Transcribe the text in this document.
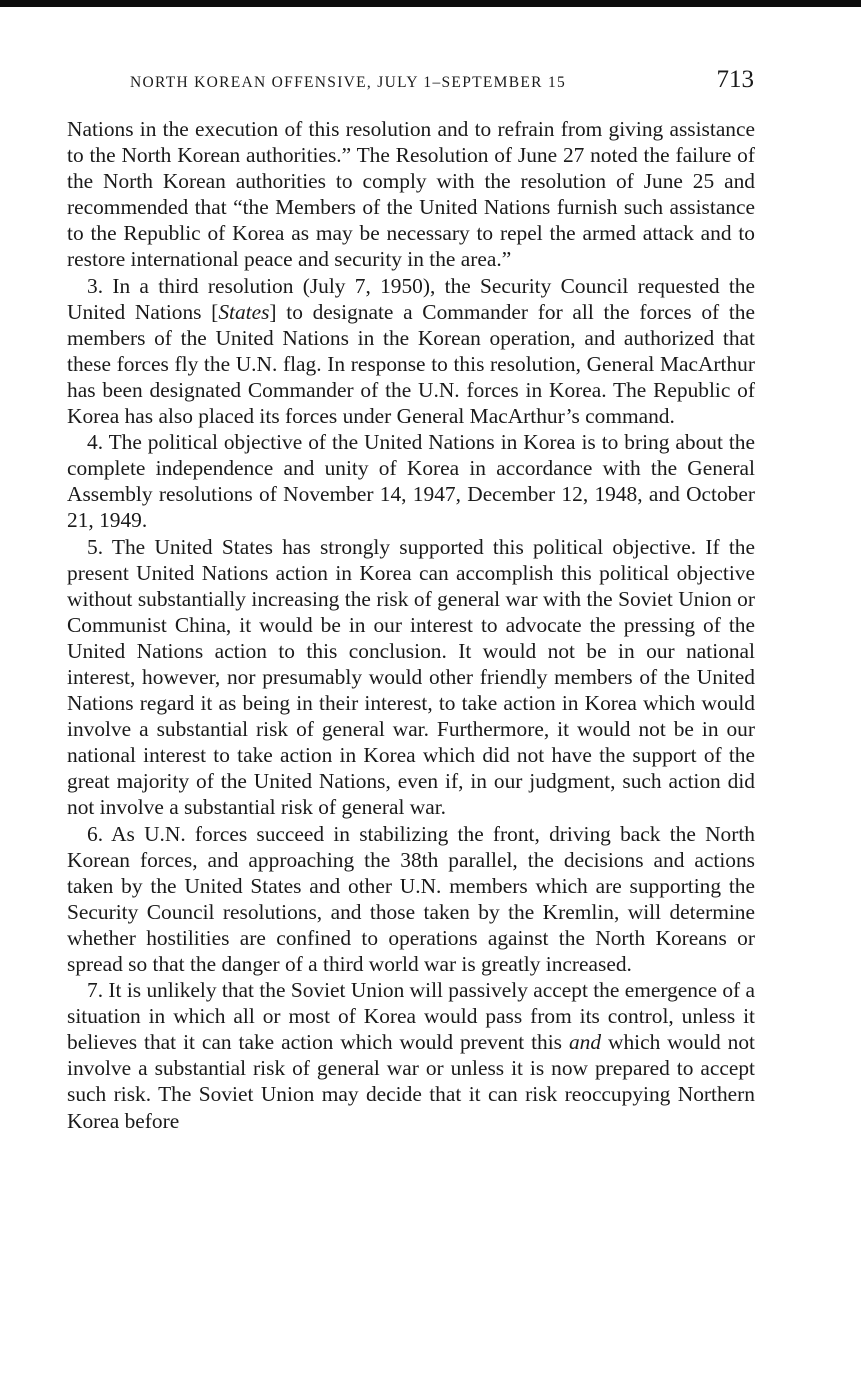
NORTH KOREAN OFFENSIVE, JULY 1–SEPTEMBER 15	713

Nations in the execution of this resolution and to refrain from giving assistance to the North Korean authorities.” The Resolution of June 27 noted the failure of the North Korean authorities to comply with the resolution of June 25 and recommended that “the Members of the United Nations furnish such assistance to the Republic of Korea as may be necessary to repel the armed attack and to restore international peace and security in the area.”

3. In a third resolution (July 7, 1950), the Security Council requested the United Nations [States] to designate a Commander for all the forces of the members of the United Nations in the Korean operation, and authorized that these forces fly the U.N. flag. In response to this resolution, General MacArthur has been designated Commander of the U.N. forces in Korea. The Republic of Korea has also placed its forces under General MacArthur’s command.

4. The political objective of the United Nations in Korea is to bring about the complete independence and unity of Korea in accordance with the General Assembly resolutions of November 14, 1947, December 12, 1948, and October 21, 1949.

5. The United States has strongly supported this political objective. If the present United Nations action in Korea can accomplish this political objective without substantially increasing the risk of general war with the Soviet Union or Communist China, it would be in our interest to advocate the pressing of the United Nations action to this conclusion. It would not be in our national interest, however, nor presumably would other friendly members of the United Nations regard it as being in their interest, to take action in Korea which would involve a substantial risk of general war. Furthermore, it would not be in our national interest to take action in Korea which did not have the support of the great majority of the United Nations, even if, in our judgment, such action did not involve a substantial risk of general war.

6. As U.N. forces succeed in stabilizing the front, driving back the North Korean forces, and approaching the 38th parallel, the decisions and actions taken by the United States and other U.N. members which are supporting the Security Council resolutions, and those taken by the Kremlin, will determine whether hostilities are confined to operations against the North Koreans or spread so that the danger of a third world war is greatly increased.

7. It is unlikely that the Soviet Union will passively accept the emergence of a situation in which all or most of Korea would pass from its control, unless it believes that it can take action which would prevent this and which would not involve a substantial risk of general war or unless it is now prepared to accept such risk. The Soviet Union may decide that it can risk reoccupying Northern Korea before
